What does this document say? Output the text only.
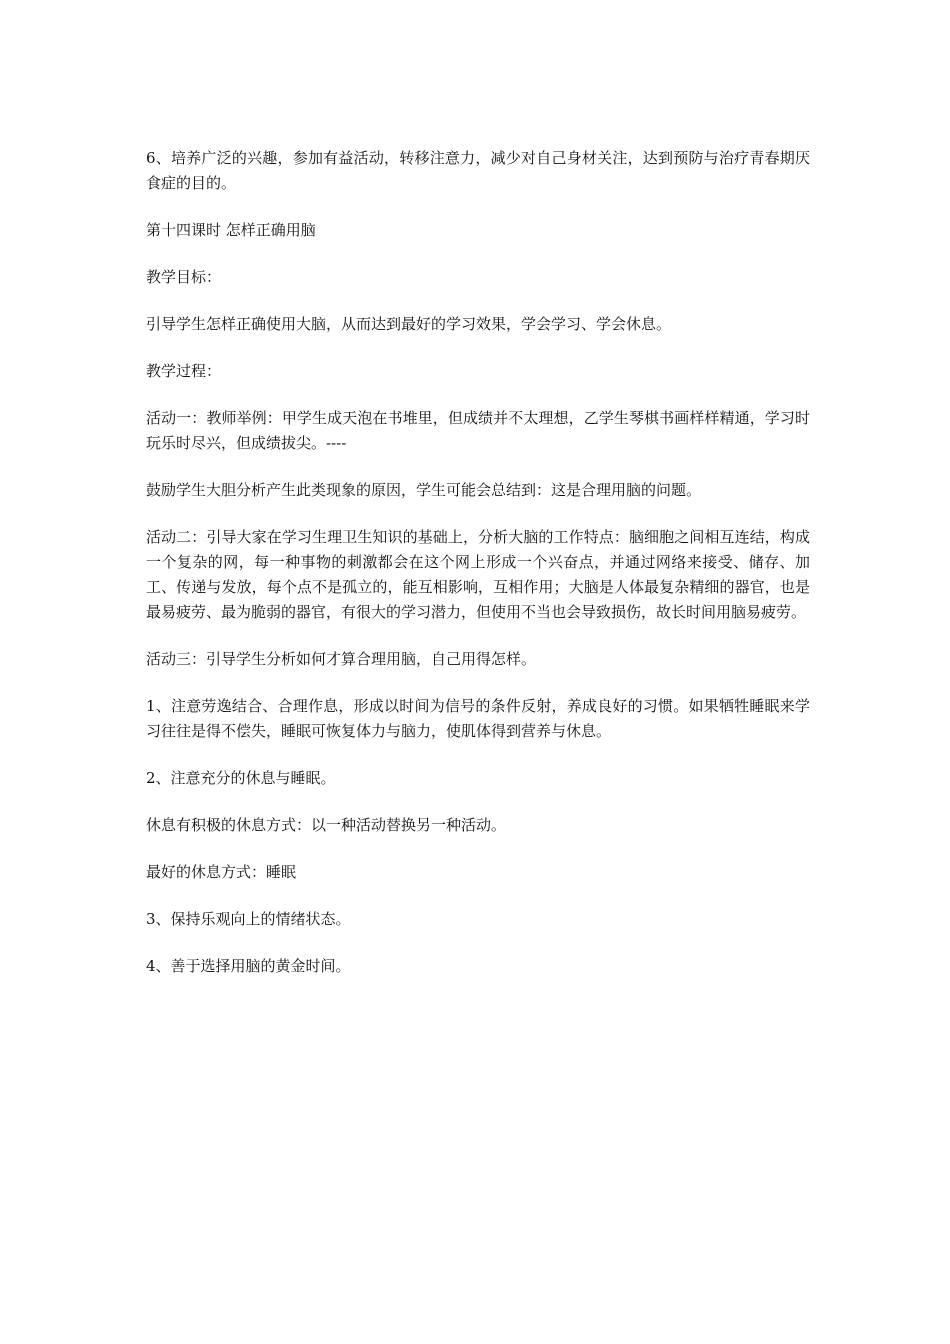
6、培养广泛的兴趣，参加有益活动，转移注意力，减少对自己身材关注，达到预防与治疗青春期厌食症的目的。

第十四课时 怎样正确用脑

教学目标：

引导学生怎样正确使用大脑，从而达到最好的学习效果，学会学习、学会休息。

教学过程：

活动一：教师举例：甲学生成天泡在书堆里，但成绩并不太理想，乙学生琴棋书画样样精通，学习时玩乐时尽兴，但成绩拔尖。----

鼓励学生大胆分析产生此类现象的原因，学生可能会总结到：这是合理用脑的问题。

活动二：引导大家在学习生理卫生知识的基础上，分析大脑的工作特点：脑细胞之间相互连结，构成一个复杂的网，每一种事物的刺激都会在这个网上形成一个兴奋点，并通过网络来接受、储存、加工、传递与发放，每个点不是孤立的，能互相影响，互相作用；大脑是人体最复杂精细的器官，也是最易疲劳、最为脆弱的器官，有很大的学习潜力，但使用不当也会导致损伤，故长时间用脑易疲劳。

活动三：引导学生分析如何才算合理用脑，自己用得怎样。

1、注意劳逸结合、合理作息，形成以时间为信号的条件反射，养成良好的习惯。如果牺牲睡眠来学习往往是得不偿失，睡眠可恢复体力与脑力，使肌体得到营养与休息。

2、注意充分的休息与睡眠。

休息有积极的休息方式：以一种活动替换另一种活动。

最好的休息方式：睡眠

3、保持乐观向上的情绪状态。

4、善于选择用脑的黄金时间。
